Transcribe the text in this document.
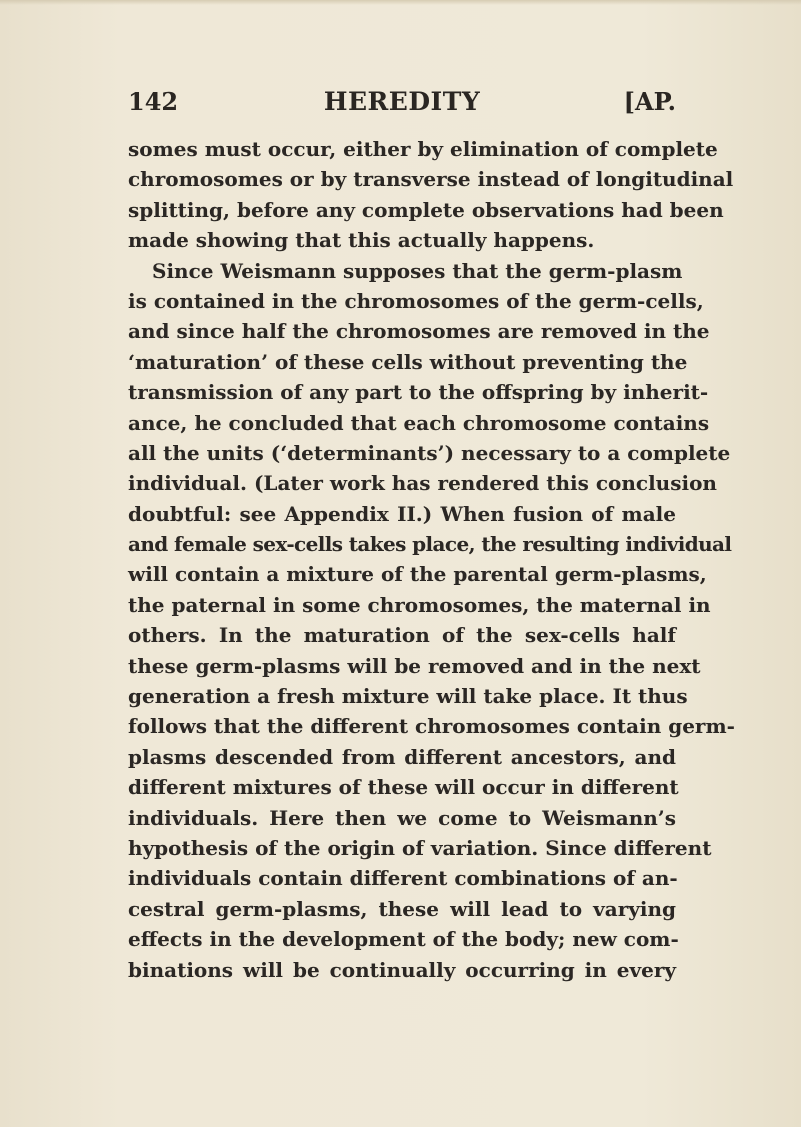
142	HEREDITY	[AP.
somes must occur, either by elimination of complete
chromosomes or by transverse instead of longitudinal
splitting, before any complete observations had been
made showing that this actually happens.
Since Weismann supposes that the germ-plasm
is contained in the chromosomes of the germ-cells,
and since half the chromosomes are removed in the
‘maturation’ of these cells without preventing the
transmission of any part to the offspring by inherit-
ance, he concluded that each chromosome contains
all the units (‘determinants’) necessary to a complete
individual. (Later work has rendered this conclusion
doubtful: see Appendix II.) When fusion of male
and female sex-cells takes place, the resulting individual
will contain a mixture of the parental germ-plasms,
the paternal in some chromosomes, the maternal in
others. In the maturation of the sex-cells half
these germ-plasms will be removed and in the next
generation a fresh mixture will take place. It thus
follows that the different chromosomes contain germ-
plasms descended from different ancestors, and
different mixtures of these will occur in different
individuals. Here then we come to Weismann’s
hypothesis of the origin of variation. Since different
individuals contain different combinations of an-
cestral germ-plasms, these will lead to varying
effects in the development of the body; new com-
binations will be continually occurring in every
